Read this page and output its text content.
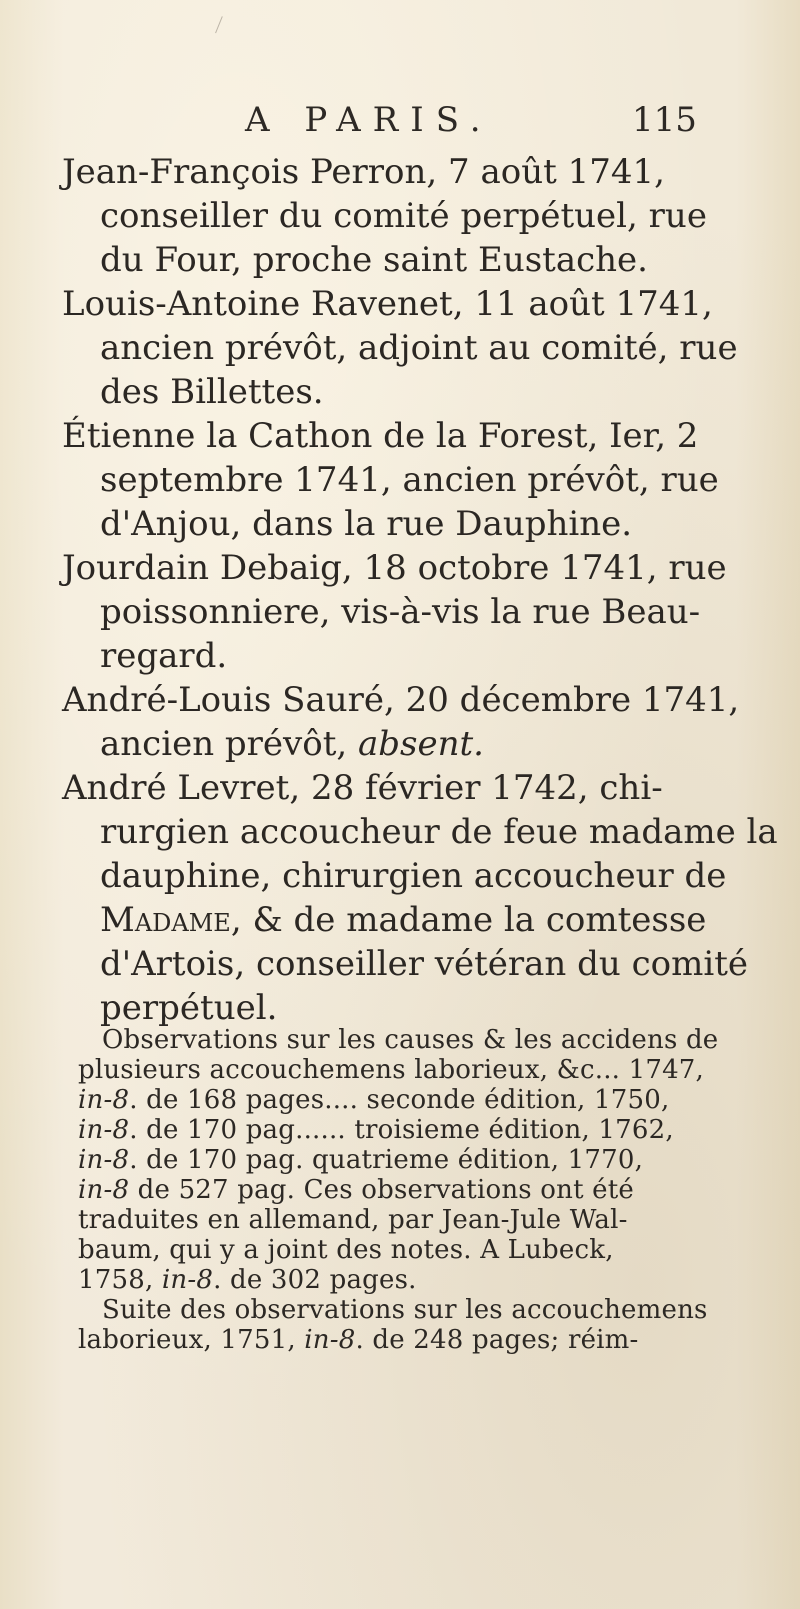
A PARIS.	115
Jean-François Perron, 7 août 1741,
conseiller du comité perpétuel, rue
du Four, proche saint Eustache.
Louis-Antoine Ravenet, 11 août 1741,
ancien prévôt, adjoint au comité, rue
des Billettes.
Étienne la Cathon de la Forest, Ier, 2
septembre 1741, ancien prévôt, rue
d'Anjou, dans la rue Dauphine.
Jourdain Debaig, 18 octobre 1741, rue
poissonniere, vis-à-vis la rue Beau-
regard.
André-Louis Sauré, 20 décembre 1741,
ancien prévôt, absent.
André Levret, 28 février 1742, chi-
rurgien accoucheur de feue madame la
dauphine, chirurgien accoucheur de
Madame, & de madame la comtesse
d'Artois, conseiller vétéran du comité
perpétuel.
Observations sur les causes & les accidens de
plusieurs accouchemens laborieux, &c... 1747,
in-8. de 168 pages.... seconde édition, 1750,
in-8. de 170 pag...... troisieme édition, 1762,
in-8. de 170 pag. quatrieme édition, 1770,
in-8 de 527 pag. Ces observations ont été
traduites en allemand, par Jean-Jule Wal-
baum, qui y a joint des notes. A Lubeck,
1758, in-8. de 302 pages.
Suite des observations sur les accouchemens
laborieux, 1751, in-8. de 248 pages; réim-
